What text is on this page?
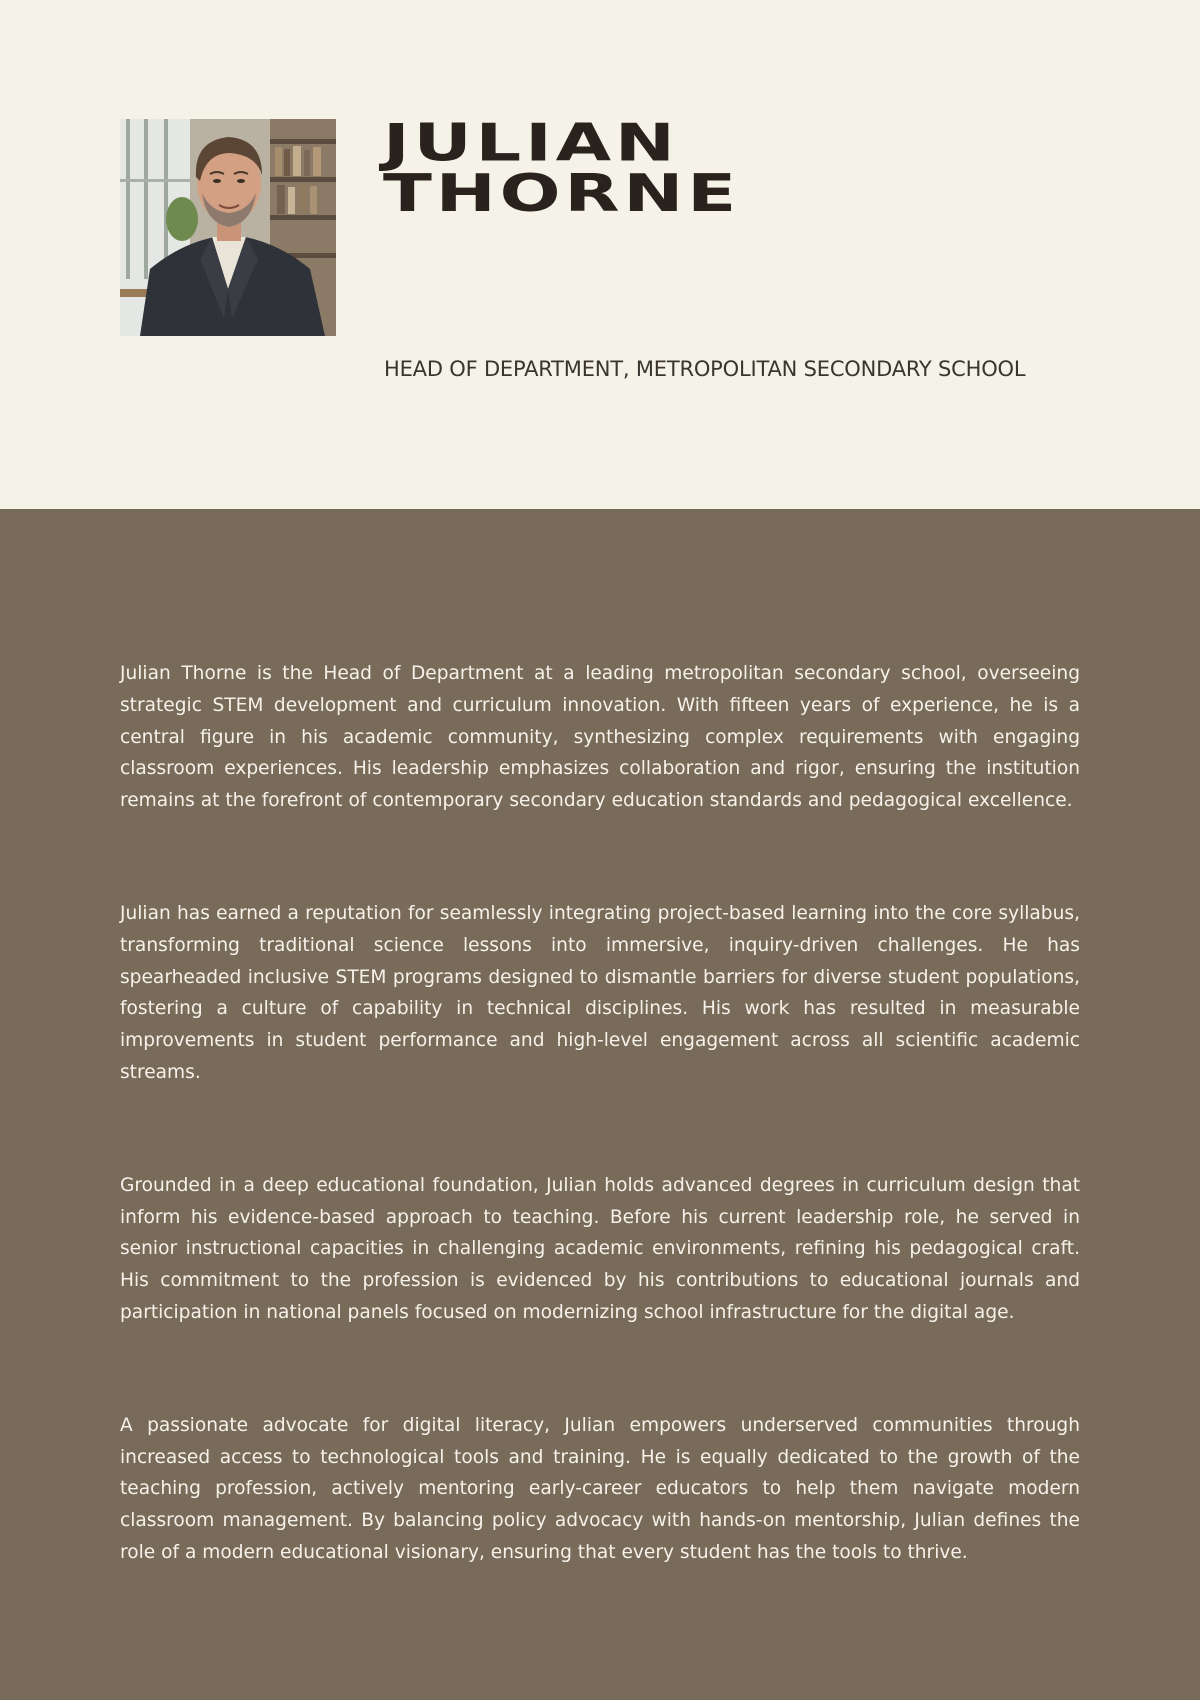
JULIAN
THORNE

HEAD OF DEPARTMENT, METROPOLITAN SECONDARY SCHOOL

Julian Thorne is the Head of Department at a leading metropolitan secondary school, overseeing strategic STEM development and curriculum innovation. With fifteen years of experience, he is a central figure in his academic community, synthesizing complex requirements with engaging classroom experiences. His leadership emphasizes collaboration and rigor, ensuring the institution remains at the forefront of contemporary secondary education standards and pedagogical excellence.

Julian has earned a reputation for seamlessly integrating project-based learning into the core syllabus, transforming traditional science lessons into immersive, inquiry-driven challenges. He has spearheaded inclusive STEM programs designed to dismantle barriers for diverse student populations, fostering a culture of capability in technical disciplines. His work has resulted in measurable improvements in student performance and high-level engagement across all scientific academic streams.

Grounded in a deep educational foundation, Julian holds advanced degrees in curriculum design that inform his evidence-based approach to teaching. Before his current leadership role, he served in senior instructional capacities in challenging academic environments, refining his pedagogical craft. His commitment to the profession is evidenced by his contributions to educational journals and participation in national panels focused on modernizing school infrastructure for the digital age.

A passionate advocate for digital literacy, Julian empowers underserved communities through increased access to technological tools and training. He is equally dedicated to the growth of the teaching profession, actively mentoring early-career educators to help them navigate modern classroom management. By balancing policy advocacy with hands-on mentorship, Julian defines the role of a modern educational visionary, ensuring that every student has the tools to thrive.
